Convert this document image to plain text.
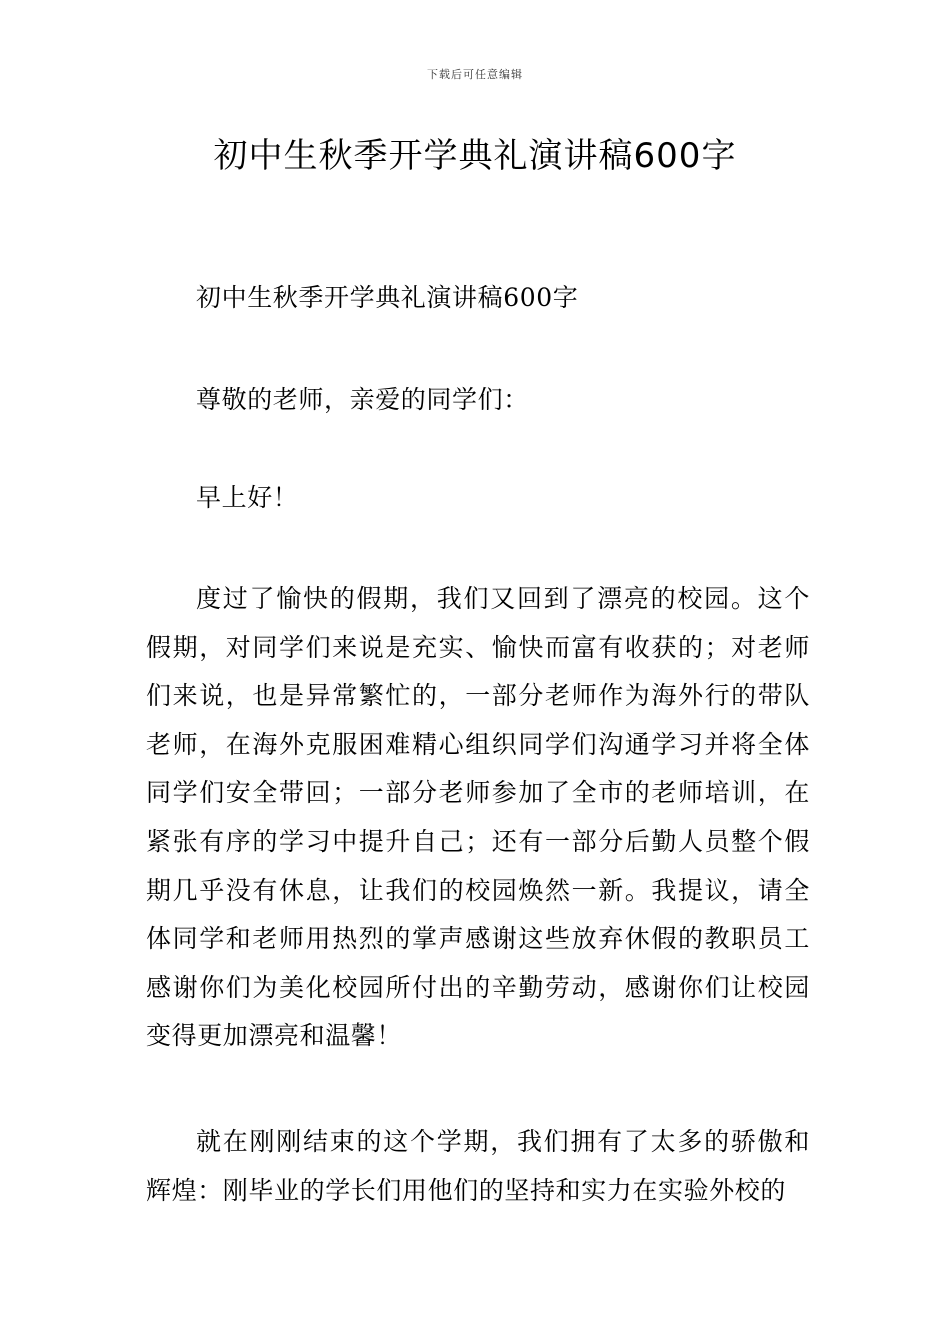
下载后可任意编辑
初中生秋季开学典礼演讲稿600字

初中生秋季开学典礼演讲稿600字

尊敬的老师，亲爱的同学们：

早上好！

度过了愉快的假期，我们又回到了漂亮的校园。这个假期，对同学们来说是充实、愉快而富有收获的；对老师们来说，也是异常繁忙的，一部分老师作为海外行的带队老师，在海外克服困难精心组织同学们沟通学习并将全体同学们安全带回；一部分老师参加了全市的老师培训，在紧张有序的学习中提升自己；还有一部分后勤人员整个假期几乎没有休息，让我们的校园焕然一新。我提议，请全体同学和老师用热烈的掌声感谢这些放弃休假的教职员工感谢你们为美化校园所付出的辛勤劳动，感谢你们让校园变得更加漂亮和温馨！

就在刚刚结束的这个学期，我们拥有了太多的骄傲和辉煌：刚毕业的学长们用他们的坚持和实力在实验外校的
